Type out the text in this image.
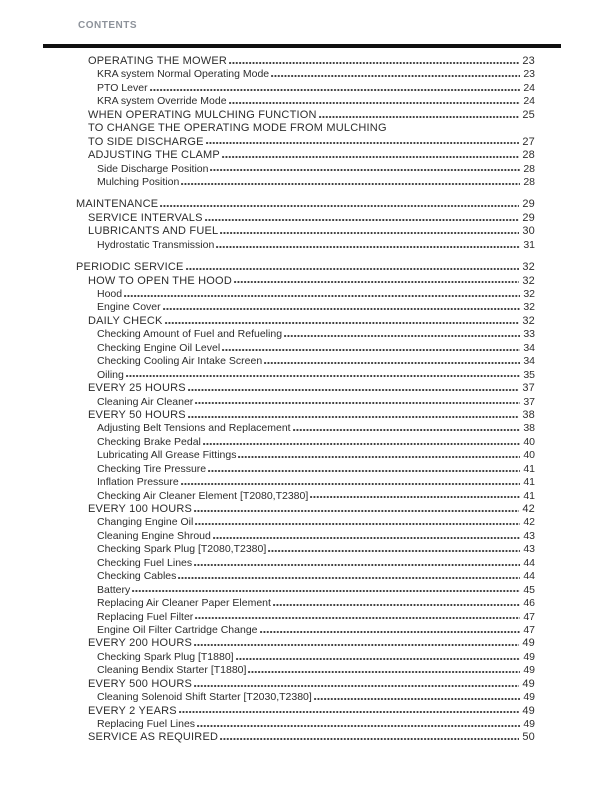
CONTENTS
OPERATING THE MOWER	23
KRA system Normal Operating Mode	23
PTO Lever	24
KRA system Override Mode	24
WHEN OPERATING MULCHING FUNCTION	25
TO CHANGE THE OPERATING MODE FROM MULCHING
TO SIDE DISCHARGE	27
ADJUSTING THE CLAMP	28
Side Discharge Position	28
Mulching Position	28
MAINTENANCE	29
SERVICE INTERVALS	29
LUBRICANTS AND FUEL	30
Hydrostatic Transmission	31
PERIODIC SERVICE	32
HOW TO OPEN THE HOOD	32
Hood	32
Engine Cover	32
DAILY CHECK	32
Checking Amount of Fuel and Refueling	33
Checking Engine Oil Level	34
Checking Cooling Air Intake Screen	34
Oiling	35
EVERY 25 HOURS	37
Cleaning Air Cleaner	37
EVERY 50 HOURS	38
Adjusting Belt Tensions and Replacement	38
Checking Brake Pedal	40
Lubricating All Grease Fittings	40
Checking Tire Pressure	41
Inflation Pressure	41
Checking Air Cleaner Element [T2080,T2380]	41
EVERY 100 HOURS	42
Changing Engine Oil	42
Cleaning Engine Shroud	43
Checking Spark Plug [T2080,T2380]	43
Checking Fuel Lines	44
Checking Cables	44
Battery	45
Replacing Air Cleaner Paper Element	46
Replacing Fuel Filter	47
Engine Oil Filter Cartridge Change	47
EVERY 200 HOURS	49
Checking Spark Plug [T1880]	49
Cleaning Bendix Starter [T1880]	49
EVERY 500 HOURS	49
Cleaning Solenoid Shift Starter [T2030,T2380]	49
EVERY 2 YEARS	49
Replacing Fuel Lines	49
SERVICE AS REQUIRED	50
